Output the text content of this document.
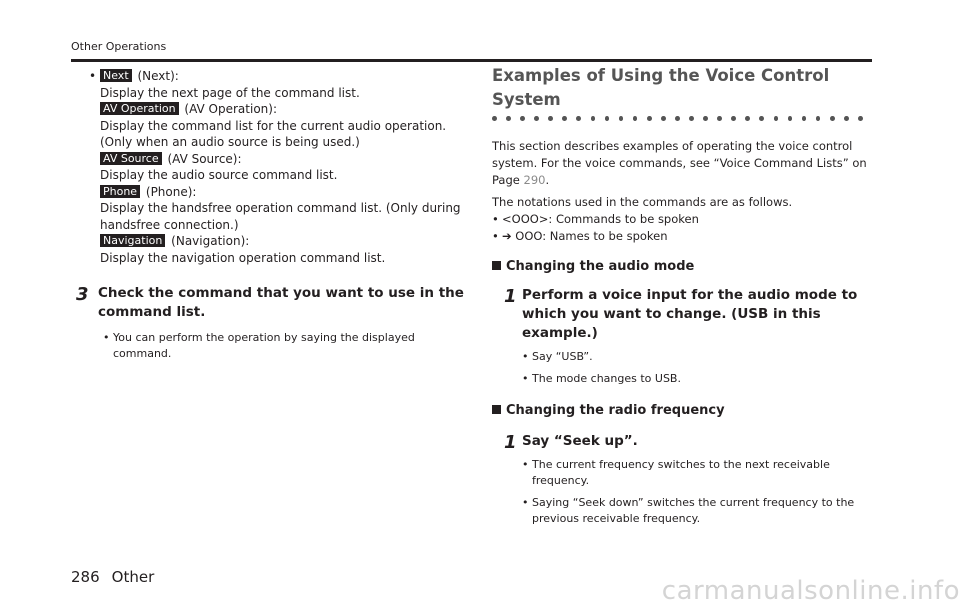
Other Operations
• Next (Next):
Display the next page of the command list.
AV Operation (AV Operation):
Display the command list for the current audio operation. (Only when an audio source is being used.)
AV Source (AV Source):
Display the audio source command list.
Phone (Phone):
Display the handsfree operation command list. (Only during handsfree connection.)
Navigation (Navigation):
Display the navigation operation command list.
3 Check the command that you want to use in the command list.
• You can perform the operation by saying the displayed command.
Examples of Using the Voice Control System
This section describes examples of operating the voice control system. For the voice commands, see “Voice Command Lists” on Page 290.
The notations used in the commands are as follows.
• <OOO>: Commands to be spoken
• ➔ OOO: Names to be spoken
Changing the audio mode
1 Perform a voice input for the audio mode to which you want to change. (USB in this example.)
• Say “USB”.
• The mode changes to USB.
Changing the radio frequency
1 Say “Seek up”.
• The current frequency switches to the next receivable frequency.
• Saying “Seek down” switches the current frequency to the previous receivable frequency.
286 Other	carmanualsonline.info
